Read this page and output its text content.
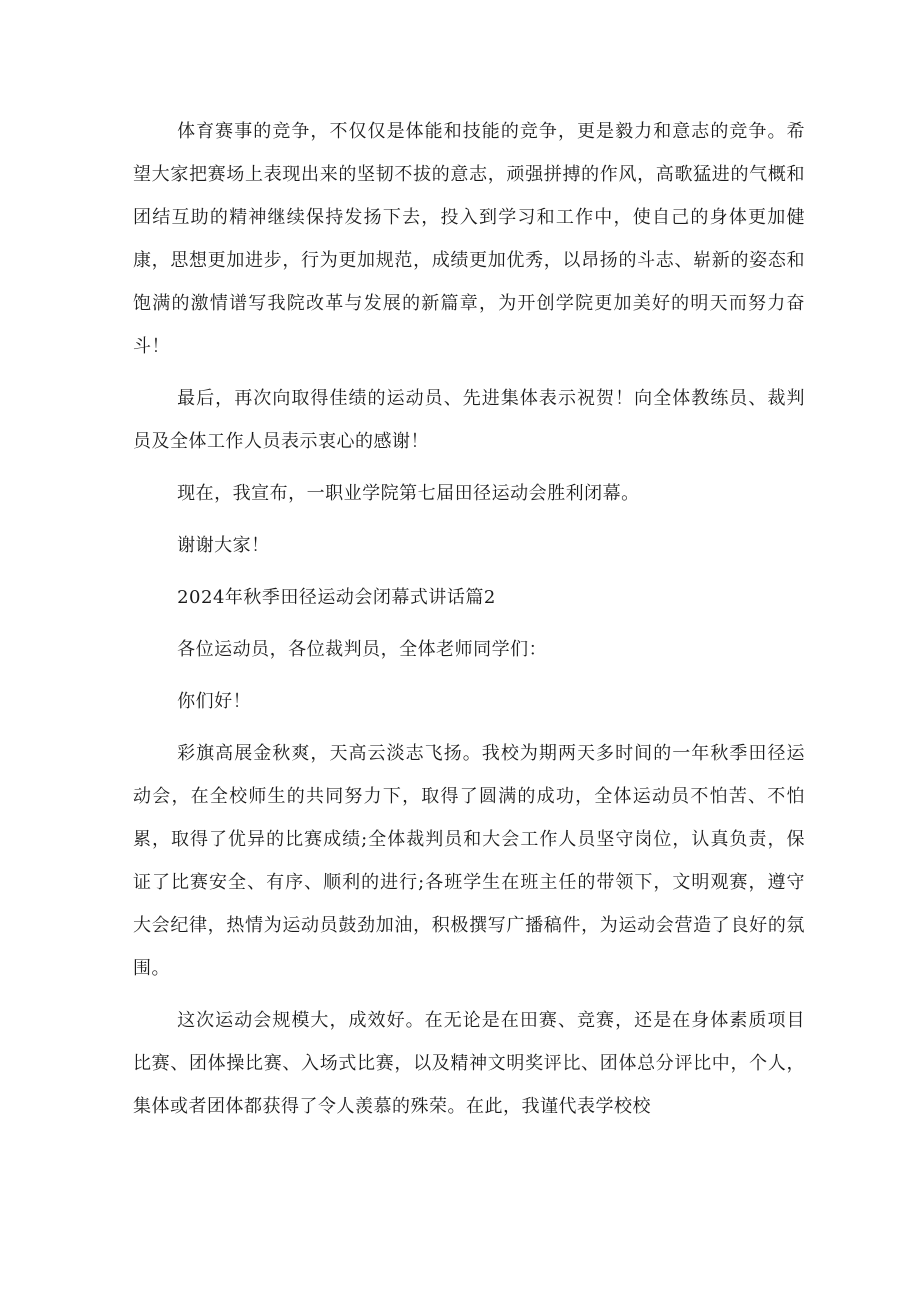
体育赛事的竞争，不仅仅是体能和技能的竞争，更是毅力和意志的竞争。希望大家把赛场上表现出来的坚韧不拔的意志，顽强拼搏的作风，高歌猛进的气概和团结互助的精神继续保持发扬下去，投入到学习和工作中，使自己的身体更加健康，思想更加进步，行为更加规范，成绩更加优秀，以昂扬的斗志、崭新的姿态和饱满的激情谱写我院改革与发展的新篇章，为开创学院更加美好的明天而努力奋斗！

最后，再次向取得佳绩的运动员、先进集体表示祝贺！向全体教练员、裁判员及全体工作人员表示衷心的感谢！

现在，我宣布，一职业学院第七届田径运动会胜利闭幕。

谢谢大家！

2024年秋季田径运动会闭幕式讲话篇2

各位运动员，各位裁判员，全体老师同学们：

你们好！

彩旗高展金秋爽，天高云淡志飞扬。我校为期两天多时间的一年秋季田径运动会，在全校师生的共同努力下，取得了圆满的成功，全体运动员不怕苦、不怕累，取得了优异的比赛成绩;全体裁判员和大会工作人员坚守岗位，认真负责，保证了比赛安全、有序、顺利的进行;各班学生在班主任的带领下，文明观赛，遵守大会纪律，热情为运动员鼓劲加油，积极撰写广播稿件，为运动会营造了良好的氛围。

这次运动会规模大，成效好。在无论是在田赛、竞赛，还是在身体素质项目比赛、团体操比赛、入场式比赛，以及精神文明奖评比、团体总分评比中，个人，集体或者团体都获得了令人羡慕的殊荣。在此，我谨代表学校校
